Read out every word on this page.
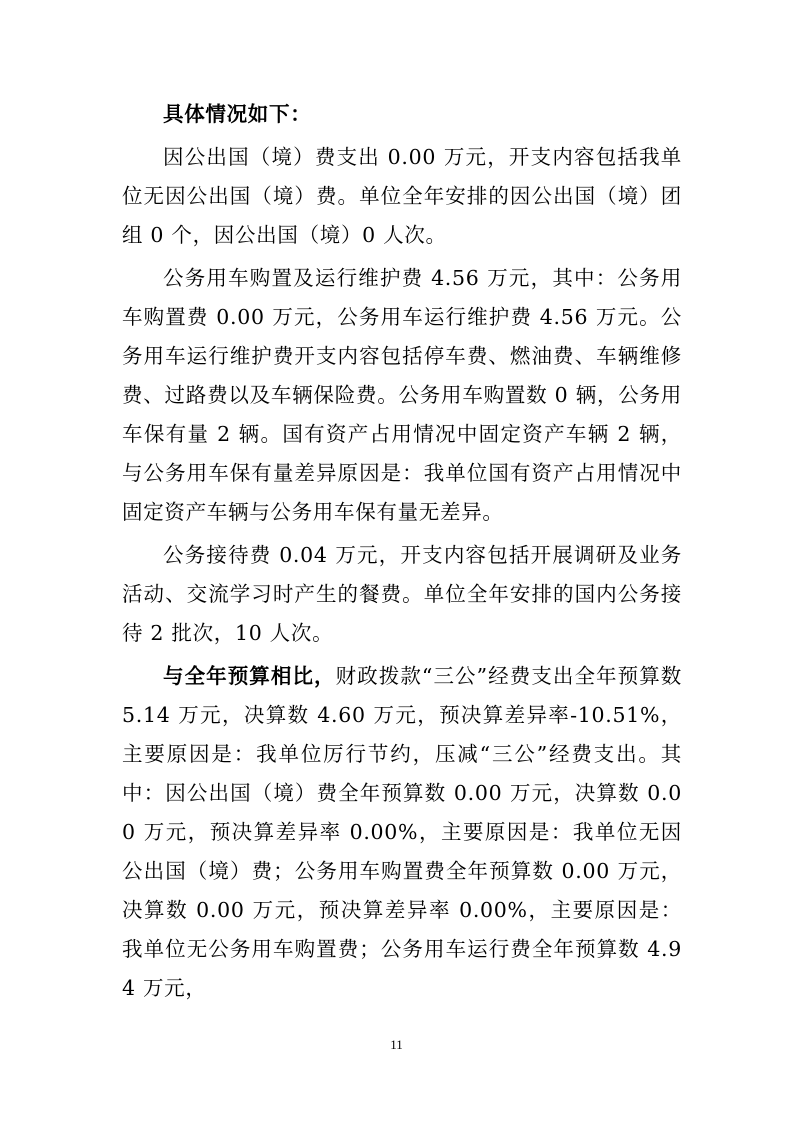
具体情况如下：

因公出国（境）费支出 0.00 万元，开支内容包括我单位无因公出国（境）费。单位全年安排的因公出国（境）团组 0 个，因公出国（境）0 人次。

公务用车购置及运行维护费 4.56 万元，其中：公务用车购置费 0.00 万元，公务用车运行维护费 4.56 万元。公务用车运行维护费开支内容包括停车费、燃油费、车辆维修费、过路费以及车辆保险费。公务用车购置数 0 辆，公务用车保有量 2 辆。国有资产占用情况中固定资产车辆 2 辆，与公务用车保有量差异原因是：我单位国有资产占用情况中固定资产车辆与公务用车保有量无差异。

公务接待费 0.04 万元，开支内容包括开展调研及业务活动、交流学习时产生的餐费。单位全年安排的国内公务接待 2 批次，10 人次。

与全年预算相比，财政拨款“三公”经费支出全年预算数 5.14 万元，决算数 4.60 万元，预决算差异率-10.51%，主要原因是：我单位厉行节约，压减“三公”经费支出。其中：因公出国（境）费全年预算数 0.00 万元，决算数 0.00 万元，预决算差异率 0.00%，主要原因是：我单位无因公出国（境）费；公务用车购置费全年预算数 0.00 万元，决算数 0.00 万元，预决算差异率 0.00%，主要原因是：我单位无公务用车购置费；公务用车运行费全年预算数 4.94 万元，

11
